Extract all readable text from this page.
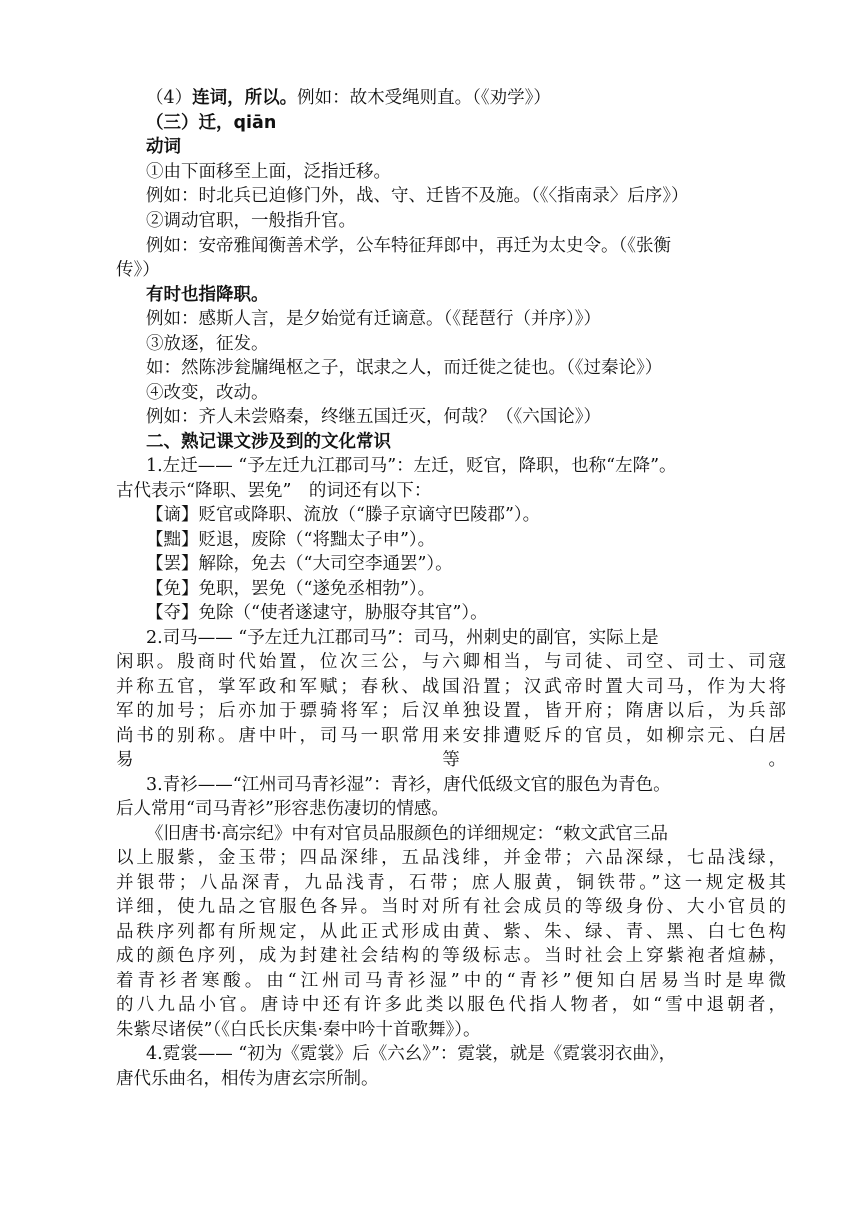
（4）连词，所以。例如：故木受绳则直。（《劝学》）
（三）迁，qiān
动词
①由下面移至上面，泛指迁移。
例如：时北兵已迫修门外，战、守、迁皆不及施。（《〈指南录〉后序》）
②调动官职，一般指升官。
例如：安帝雅闻衡善术学，公车特征拜郎中，再迁为太史令。（《张衡
传》）
有时也指降职。
例如：感斯人言，是夕始觉有迁谪意。（《琵琶行（并序）》）
③放逐，征发。
如：然陈涉瓮牖绳枢之子，氓隶之人，而迁徙之徒也。（《过秦论》）
④改变，改动。
例如：齐人未尝赂秦，终继五国迁灭，何哉？（《六国论》）
二、熟记课文涉及到的文化常识
1.左迁—— “予左迁九江郡司马”：左迁，贬官，降职，也称“左降”。
古代表示“降职、罢免”　的词还有以下：
【谪】贬官或降职、流放（“滕子京谪守巴陵郡”）。
【黜】贬退，废除（“将黜太子申”）。
【罢】解除，免去（“大司空李通罢”）。
【免】免职，罢免（“遂免丞相勃”）。
【夺】免除（“使者遂逮守，胁服夺其官”）。
2.司马—— “予左迁九江郡司马”：司马，州刺史的副官，实际上是
闲职。殷商时代始置，位次三公，与六卿相当，与司徒、司空、司士、司寇
并称五官，掌军政和军赋；春秋、战国沿置；汉武帝时置大司马，作为大将
军的加号；后亦加于骠骑将军；后汉单独设置，皆开府；隋唐以后，为兵部
尚书的别称。唐中叶，司马一职常用来安排遭贬斥的官员，如柳宗元、白居
易等。
3.青衫——“江州司马青衫湿”：青衫，唐代低级文官的服色为青色。
后人常用“司马青衫”形容悲伤凄切的情感。
《旧唐书·高宗纪》中有对官员品服颜色的详细规定：“敕文武官三品
以上服紫，金玉带；四品深绯，五品浅绯，并金带；六品深绿，七品浅绿，
并银带；八品深青，九品浅青，石带；庶人服黄，铜铁带。”这一规定极其
详细，使九品之官服色各异。当时对所有社会成员的等级身份、大小官员的
品秩序列都有所规定，从此正式形成由黄、紫、朱、绿、青、黑、白七色构
成的颜色序列，成为封建社会结构的等级标志。当时社会上穿紫袍者煊赫，
着青衫者寒酸。由“江州司马青衫湿”中的“青衫”便知白居易当时是卑微
的八九品小官。唐诗中还有许多此类以服色代指人物者，如“雪中退朝者，
朱紫尽诸侯”（《白氏长庆集·秦中吟十首歌舞》）。
4.霓裳—— “初为《霓裳》后《六幺》”：霓裳，就是《霓裳羽衣曲》，
唐代乐曲名，相传为唐玄宗所制。
